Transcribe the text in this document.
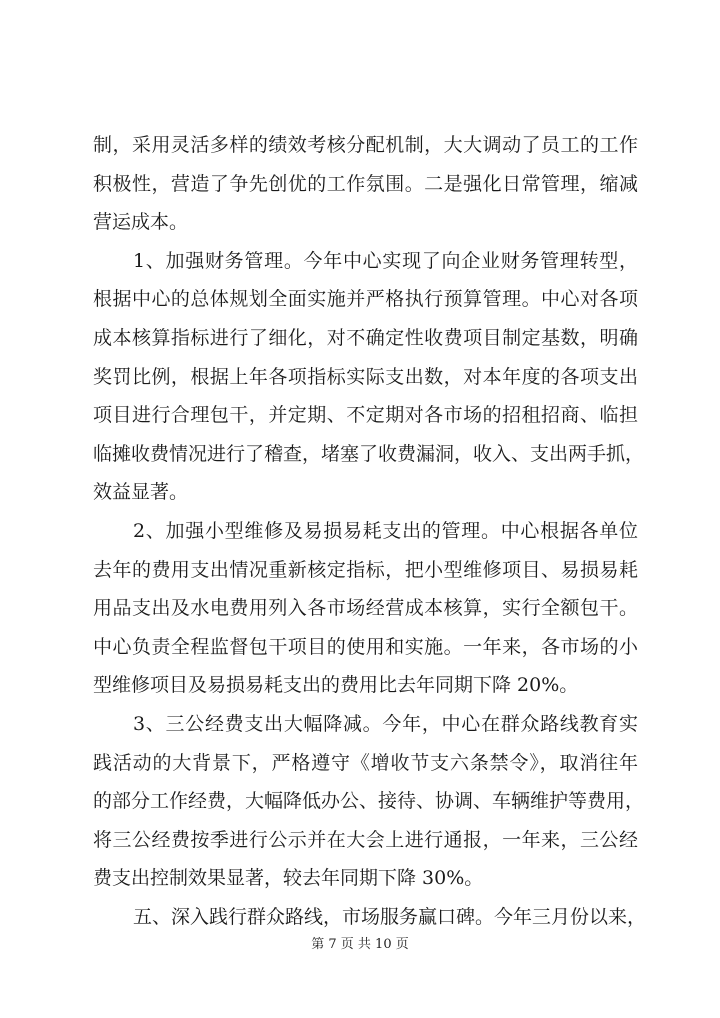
制，采用灵活多样的绩效考核分配机制，大大调动了员工的工作
积极性，营造了争先创优的工作氛围。二是强化日常管理，缩减
营运成本。
1、加强财务管理。今年中心实现了向企业财务管理转型，
根据中心的总体规划全面实施并严格执行预算管理。中心对各项
成本核算指标进行了细化，对不确定性收费项目制定基数，明确
奖罚比例，根据上年各项指标实际支出数，对本年度的各项支出
项目进行合理包干，并定期、不定期对各市场的招租招商、临担
临摊收费情况进行了稽查，堵塞了收费漏洞，收入、支出两手抓，
效益显著。
2、加强小型维修及易损易耗支出的管理。中心根据各单位
去年的费用支出情况重新核定指标，把小型维修项目、易损易耗
用品支出及水电费用列入各市场经营成本核算，实行全额包干。
中心负责全程监督包干项目的使用和实施。一年来，各市场的小
型维修项目及易损易耗支出的费用比去年同期下降 20%。
3、三公经费支出大幅降减。今年，中心在群众路线教育实
践活动的大背景下，严格遵守《增收节支六条禁令》，取消往年
的部分工作经费，大幅降低办公、接待、协调、车辆维护等费用，
将三公经费按季进行公示并在大会上进行通报，一年来，三公经
费支出控制效果显著，较去年同期下降 30%。
五、深入践行群众路线，市场服务赢口碑。今年三月份以来，
第 7 页 共 10 页
